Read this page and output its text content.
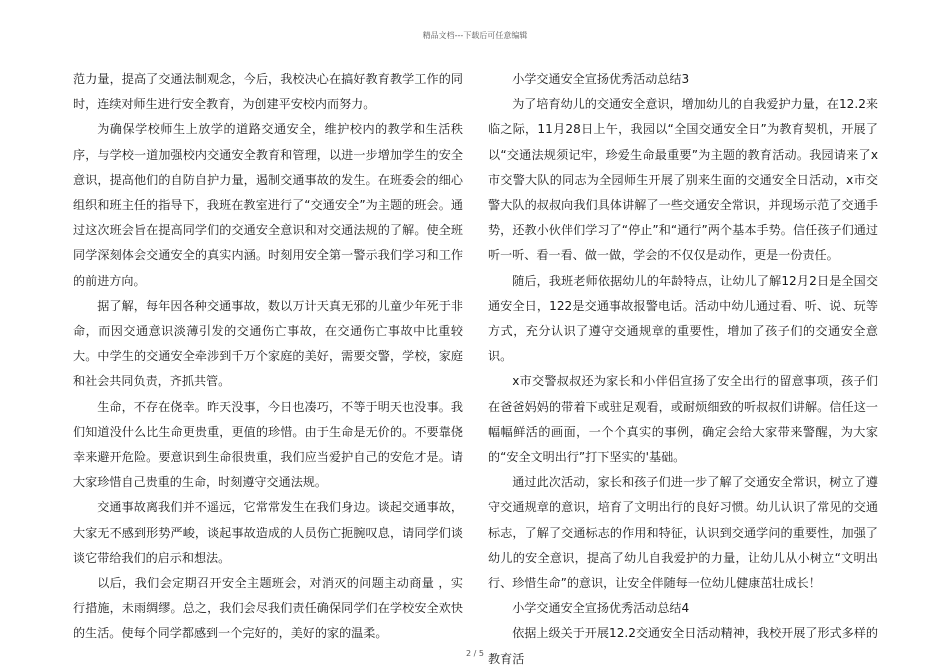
精品文档---下载后可任意编辑

范力量，提高了交通法制观念，今后，我校决心在搞好教育教学工作的同时，连续对师生进行安全教育，为创建平安校内而努力。

为确保学校师生上放学的道路交通安全，维护校内的教学和生活秩序，与学校一道加强校内交通安全教育和管理，以进一步增加学生的安全意识，提高他们的自防自护力量，遏制交通事故的发生。在班委会的细心组织和班主任的指导下，我班在教室进行了“交通安全”为主题的班会。通过这次班会旨在提高同学们的交通安全意识和对交通法规的了解。使全班同学深刻体会交通安全的真实内涵。时刻用安全第一警示我们学习和工作的前进方向。

据了解，每年因各种交通事故，数以万计天真无邪的儿童少年死于非命，而因交通意识淡薄引发的交通伤亡事故，在交通伤亡事故中比重较大。中学生的交通安全牵涉到千万个家庭的美好，需要交警，学校，家庭和社会共同负责，齐抓共管。

生命，不存在侥幸。昨天没事，今日也凑巧，不等于明天也没事。我们知道没什么比生命更贵重，更值的珍惜。由于生命是无价的。不要靠侥幸来避开危险。要意识到生命很贵重，我们应当爱护自己的安危才是。请大家珍惜自己贵重的生命，时刻遵守交通法规。

交通事故离我们并不遥远，它常常发生在我们身边。谈起交通事故，大家无不感到形势严峻，谈起事故造成的人员伤亡扼腕叹息，请同学们谈谈它带给我们的启示和想法。

以后，我们会定期召开安全主题班会，对消灭的问题主动商量 ，实行措施，未雨绸缪。总之，我们会尽我们责任确保同学们在学校安全欢快的生活。使每个同学都感到一个完好的，美好的家的温柔。

小学交通安全宣扬优秀活动总结3

为了培育幼儿的交通安全意识，增加幼儿的自我爱护力量，在12.2来临之际，11月28日上午，我园以“全国交通安全日”为教育契机，开展了以“交通法规须记牢，珍爱生命最重要”为主题的教育活动。我园请来了x市交警大队的同志为全园师生开展了别来生面的交通安全日活动，x市交警大队的叔叔向我们具体讲解了一些交通安全常识，并现场示范了交通手势，还教小伙伴们学习了“停止”和“通行”两个基本手势。信任孩子们通过听一听、看一看、做一做，学会的不仅仅是动作，更是一份责任。

随后，我班老师依据幼儿的年龄特点，让幼儿了解12月2日是全国交通安全日，122是交通事故报警电话。活动中幼儿通过看、听、说、玩等方式，充分认识了遵守交通规章的重要性，增加了孩子们的交通安全意识。

x市交警叔叔还为家长和小伴侣宣扬了安全出行的留意事项，孩子们在爸爸妈妈的带着下或驻足观看，或耐烦细致的听叔叔们讲解。信任这一幅幅鲜活的画面，一个个真实的事例，确定会给大家带来警醒，为大家的“安全文明出行”打下坚实的'基础。

通过此次活动，家长和孩子们进一步了解了交通安全常识，树立了遵守交通规章的意识，培育了文明出行的良好习惯。幼儿认识了常见的交通标志，了解了交通标志的作用和特征，认识到交通学问的重要性，加强了幼儿的安全意识，提高了幼儿自我爱护的力量，让幼儿从小树立“文明出行、珍惜生命”的意识，让安全伴随每一位幼儿健康茁壮成长！

小学交通安全宣扬优秀活动总结4

依据上级关于开展12.2交通安全日活动精神，我校开展了形式多样的教育活

2 / 5
